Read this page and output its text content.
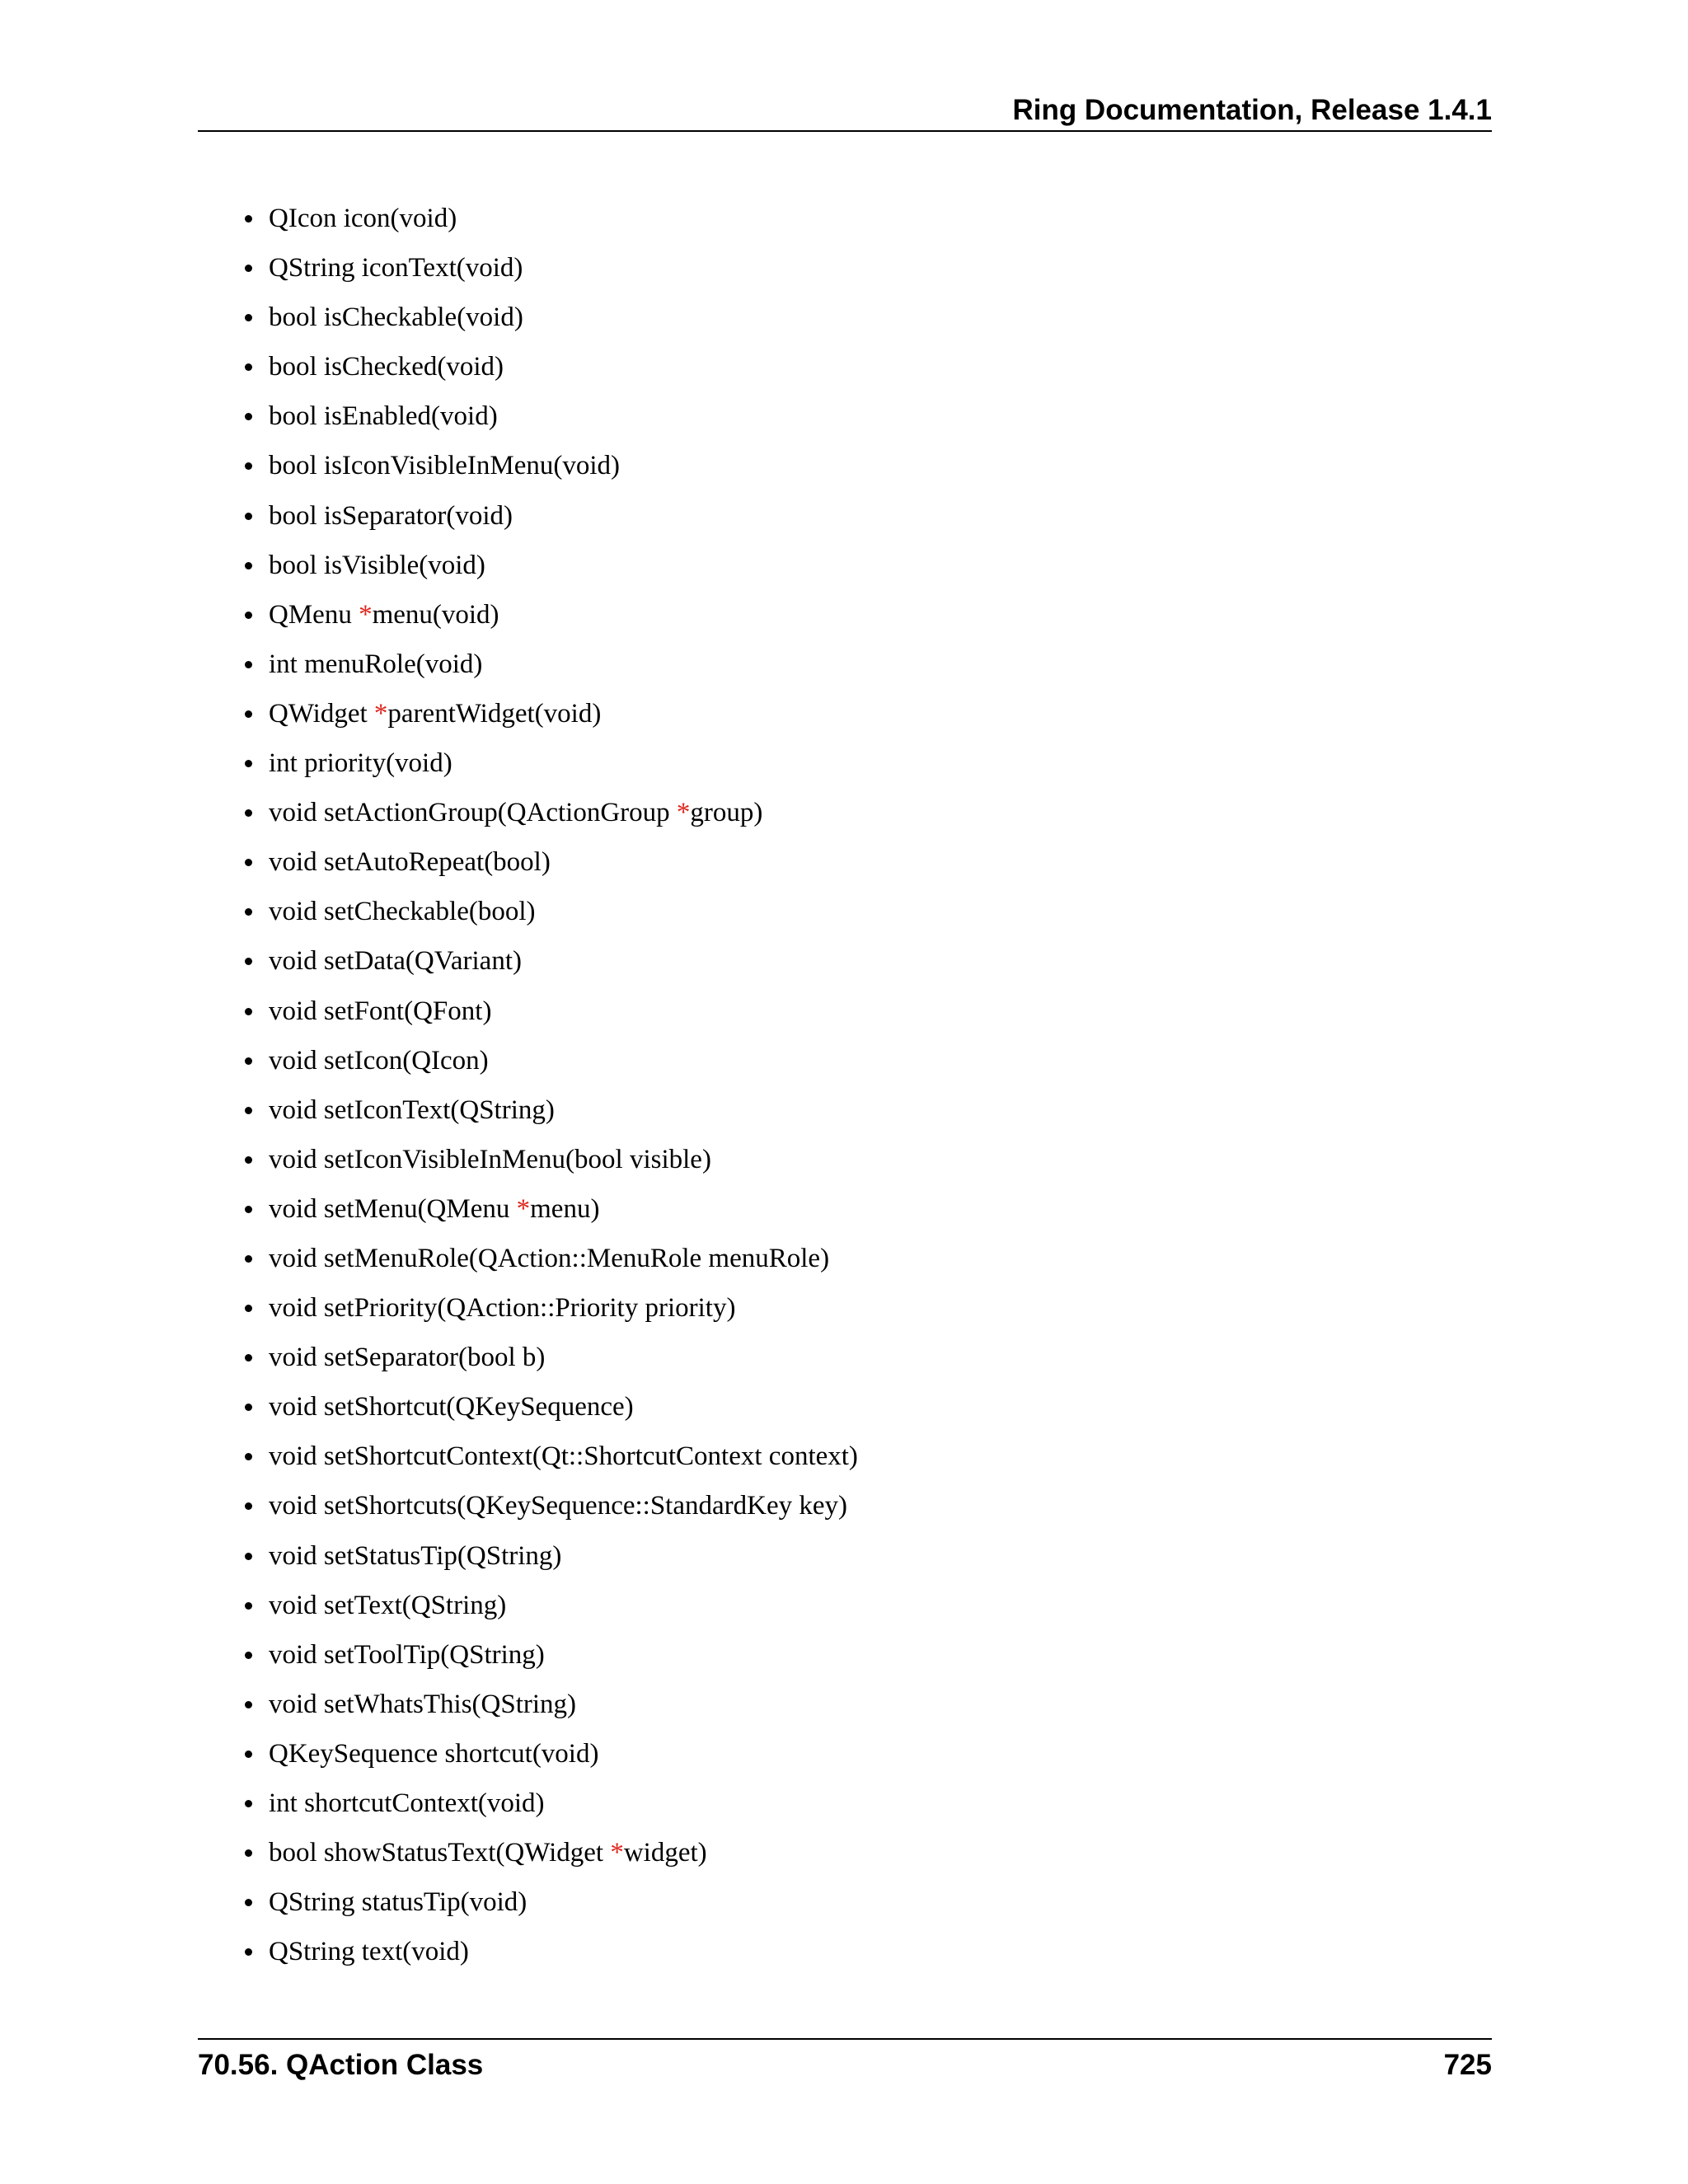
Ring Documentation, Release 1.4.1
QIcon icon(void)
QString iconText(void)
bool isCheckable(void)
bool isChecked(void)
bool isEnabled(void)
bool isIconVisibleInMenu(void)
bool isSeparator(void)
bool isVisible(void)
QMenu *menu(void)
int menuRole(void)
QWidget *parentWidget(void)
int priority(void)
void setActionGroup(QActionGroup *group)
void setAutoRepeat(bool)
void setCheckable(bool)
void setData(QVariant)
void setFont(QFont)
void setIcon(QIcon)
void setIconText(QString)
void setIconVisibleInMenu(bool visible)
void setMenu(QMenu *menu)
void setMenuRole(QAction::MenuRole menuRole)
void setPriority(QAction::Priority priority)
void setSeparator(bool b)
void setShortcut(QKeySequence)
void setShortcutContext(Qt::ShortcutContext context)
void setShortcuts(QKeySequence::StandardKey key)
void setStatusTip(QString)
void setText(QString)
void setToolTip(QString)
void setWhatsThis(QString)
QKeySequence shortcut(void)
int shortcutContext(void)
bool showStatusText(QWidget *widget)
QString statusTip(void)
QString text(void)
70.56. QAction Class	725
